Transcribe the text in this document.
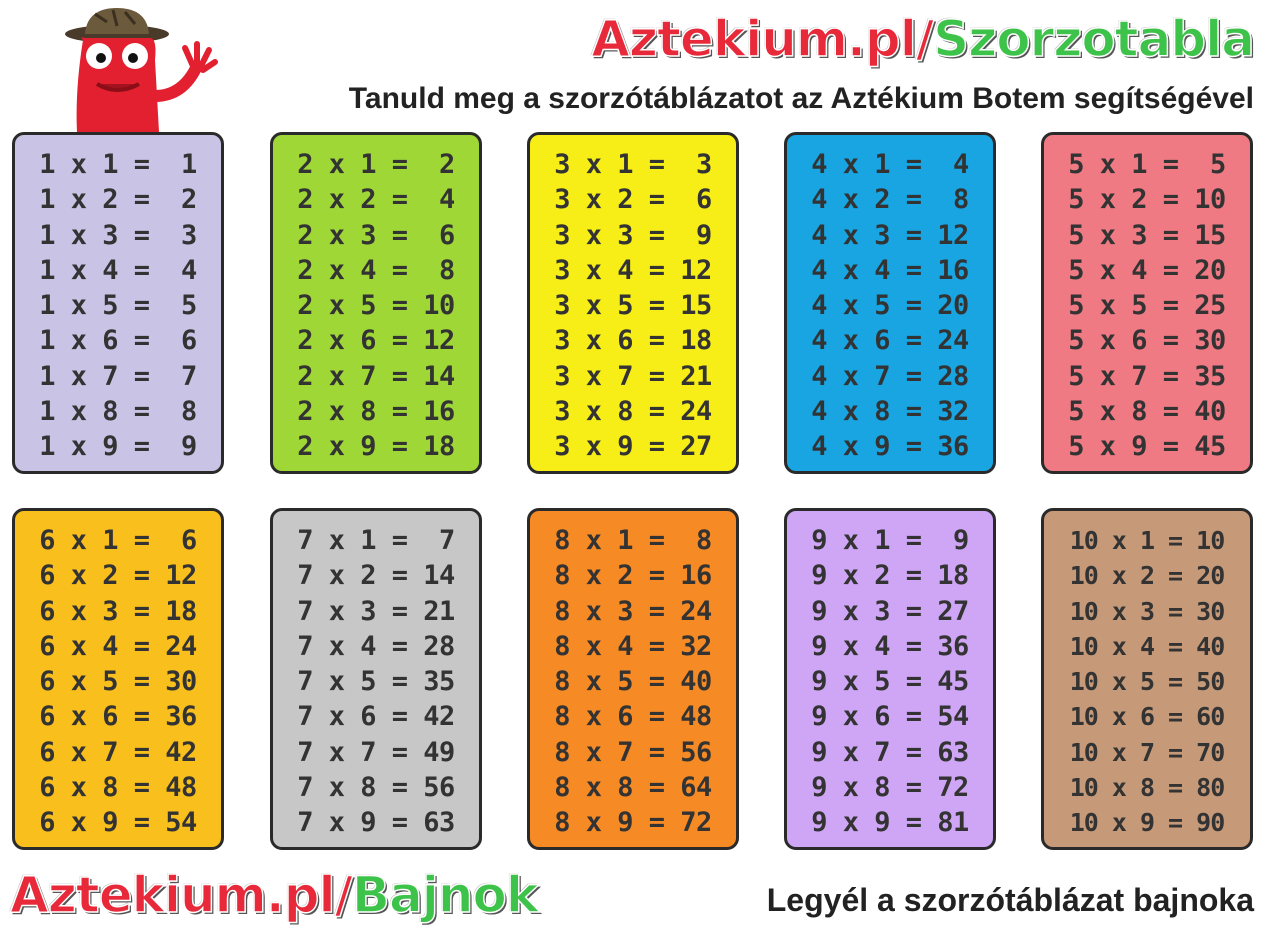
Aztekium.pl/Szorzotabla
Tanuld meg a szorzótáblázatot az Aztékium Botem segítségével
1 x 1 =  1
1 x 2 =  2
1 x 3 =  3
1 x 4 =  4
1 x 5 =  5
1 x 6 =  6
1 x 7 =  7
1 x 8 =  8
1 x 9 =  9
2 x 1 =  2
2 x 2 =  4
2 x 3 =  6
2 x 4 =  8
2 x 5 = 10
2 x 6 = 12
2 x 7 = 14
2 x 8 = 16
2 x 9 = 18
3 x 1 =  3
3 x 2 =  6
3 x 3 =  9
3 x 4 = 12
3 x 5 = 15
3 x 6 = 18
3 x 7 = 21
3 x 8 = 24
3 x 9 = 27
4 x 1 =  4
4 x 2 =  8
4 x 3 = 12
4 x 4 = 16
4 x 5 = 20
4 x 6 = 24
4 x 7 = 28
4 x 8 = 32
4 x 9 = 36
5 x 1 =  5
5 x 2 = 10
5 x 3 = 15
5 x 4 = 20
5 x 5 = 25
5 x 6 = 30
5 x 7 = 35
5 x 8 = 40
5 x 9 = 45
6 x 1 =  6
6 x 2 = 12
6 x 3 = 18
6 x 4 = 24
6 x 5 = 30
6 x 6 = 36
6 x 7 = 42
6 x 8 = 48
6 x 9 = 54
7 x 1 =  7
7 x 2 = 14
7 x 3 = 21
7 x 4 = 28
7 x 5 = 35
7 x 6 = 42
7 x 7 = 49
7 x 8 = 56
7 x 9 = 63
8 x 1 =  8
8 x 2 = 16
8 x 3 = 24
8 x 4 = 32
8 x 5 = 40
8 x 6 = 48
8 x 7 = 56
8 x 8 = 64
8 x 9 = 72
9 x 1 =  9
9 x 2 = 18
9 x 3 = 27
9 x 4 = 36
9 x 5 = 45
9 x 6 = 54
9 x 7 = 63
9 x 8 = 72
9 x 9 = 81
10 x 1 = 10
10 x 2 = 20
10 x 3 = 30
10 x 4 = 40
10 x 5 = 50
10 x 6 = 60
10 x 7 = 70
10 x 8 = 80
10 x 9 = 90
Aztekium.pl/Bajnok	Legyél a szorzótáblázat bajnoka
